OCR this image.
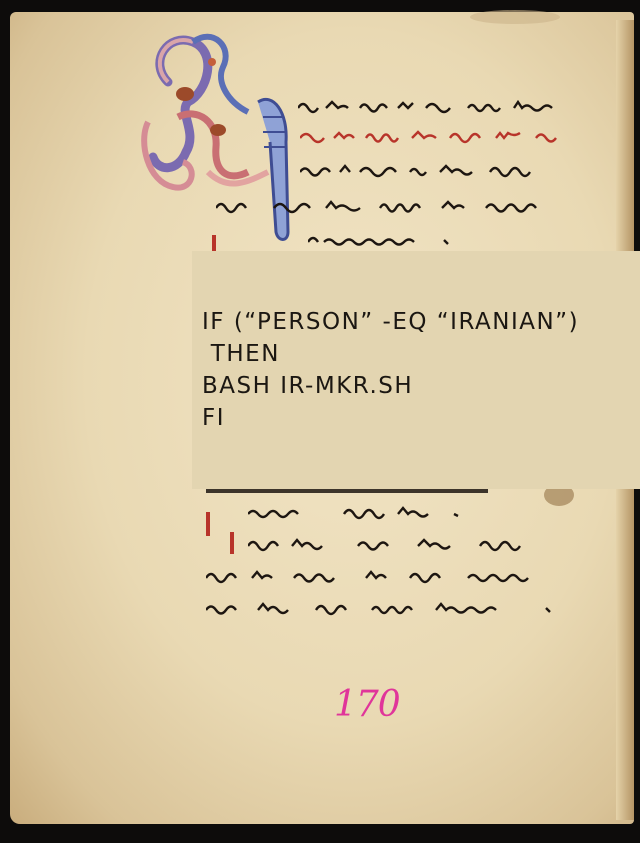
IF (“PERSON” -EQ “IRANIAN”)
THEN
BASH IR-MKR.SH
FI
170
